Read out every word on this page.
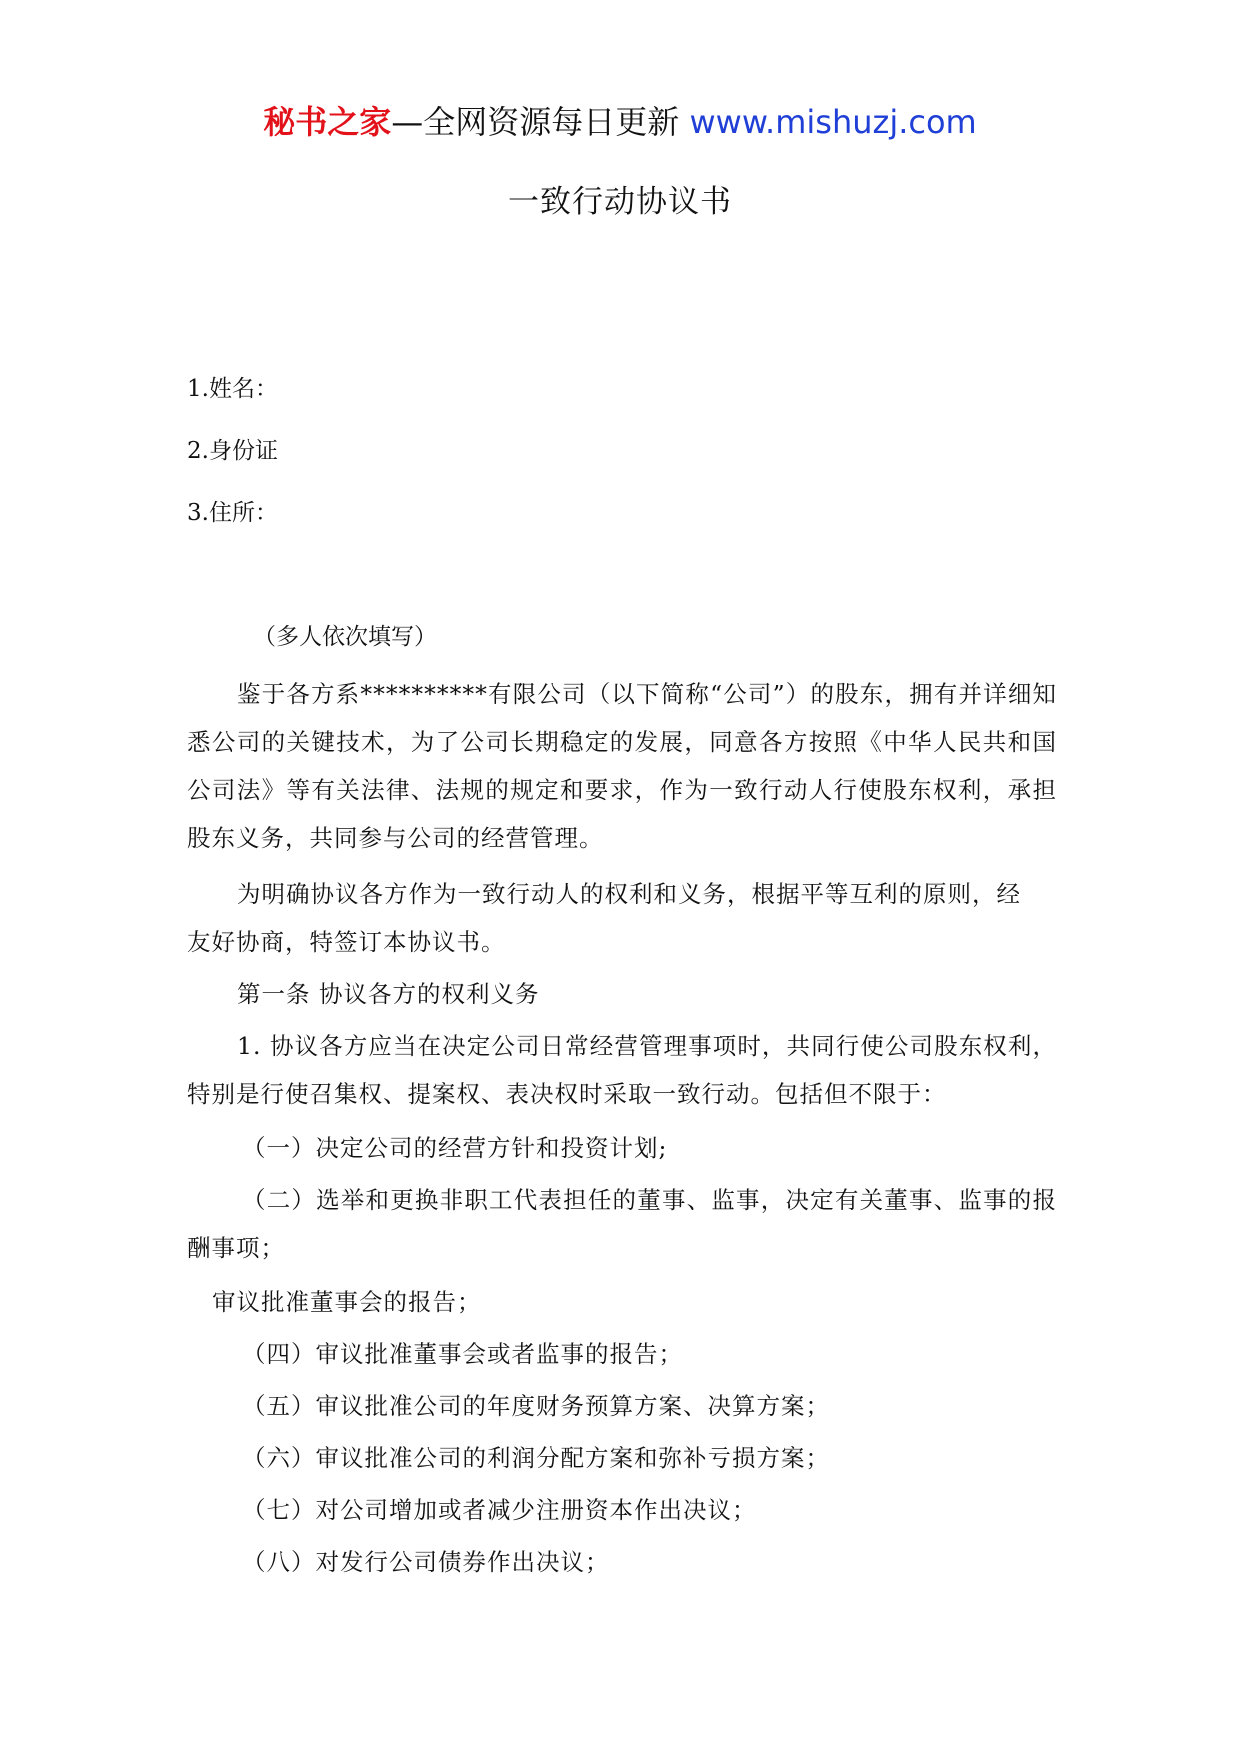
秘书之家—全网资源每日更新 www.mishuzj.com
一致行动协议书
1.姓名：
2.身份证
3.住所：
（多人依次填写）
鉴于各方系**********有限公司（以下简称“公司”）的股东，拥有并详细知悉公司的关键技术，为了公司长期稳定的发展，同意各方按照《中华人民共和国公司法》等有关法律、法规的规定和要求，作为一致行动人行使股东权利，承担股东义务，共同参与公司的经营管理。
为明确协议各方作为一致行动人的权利和义务，根据平等互利的原则，经
友好协商，特签订本协议书。
第一条 协议各方的权利义务
1. 协议各方应当在决定公司日常经营管理事项时，共同行使公司股东权利，特别是行使召集权、提案权、表决权时采取一致行动。包括但不限于：
（一）决定公司的经营方针和投资计划;
（二）选举和更换非职工代表担任的董事、监事，决定有关董事、监事的报酬事项；
审议批准董事会的报告；
（四）审议批准董事会或者监事的报告；
（五）审议批准公司的年度财务预算方案、决算方案；
（六）审议批准公司的利润分配方案和弥补亏损方案；
（七）对公司增加或者减少注册资本作出决议；
（八）对发行公司债券作出决议；
